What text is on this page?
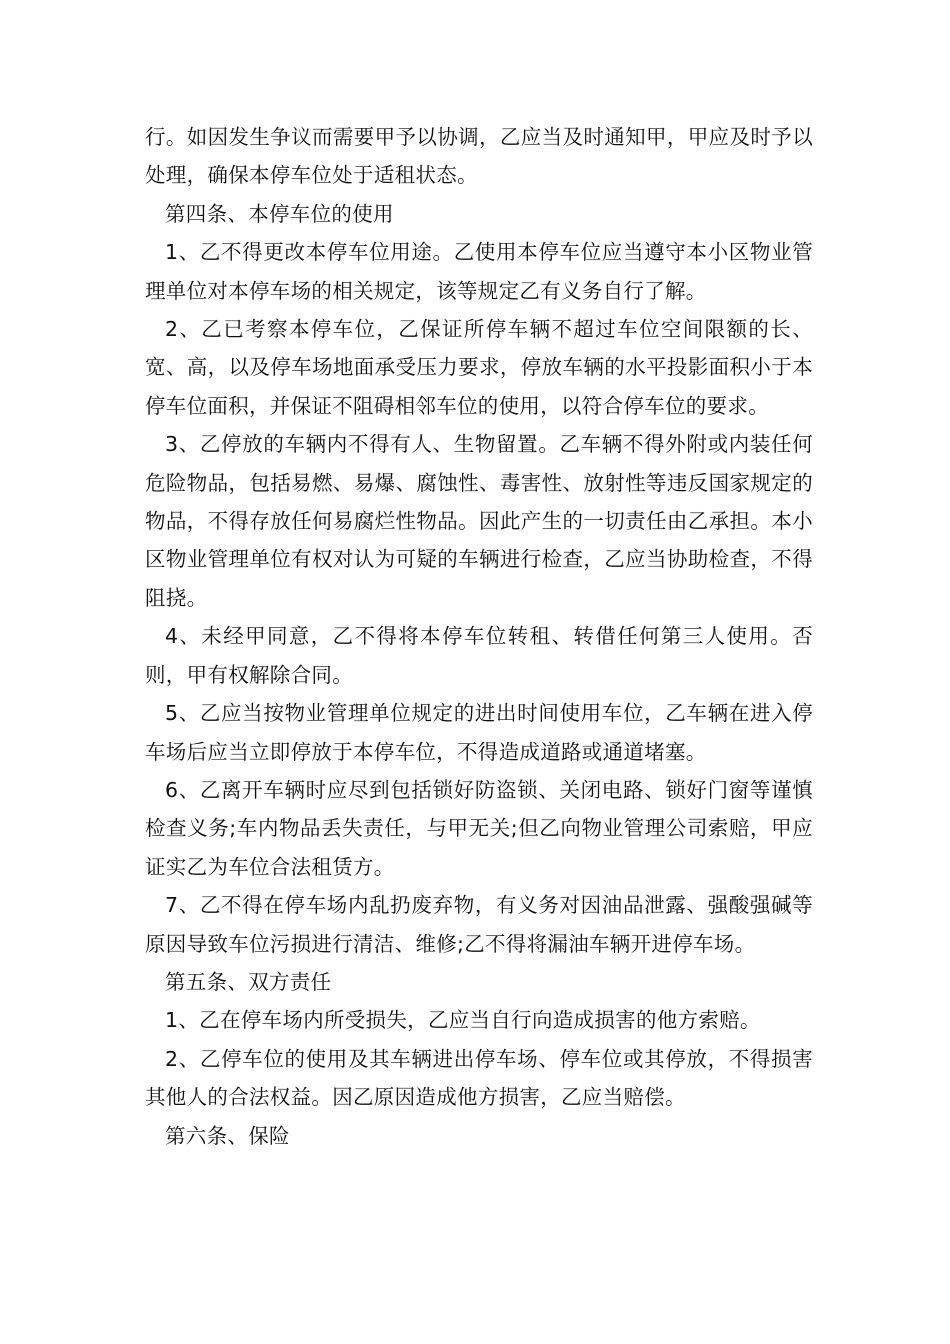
行。如因发生争议而需要甲予以协调，乙应当及时通知甲，甲应及时予以处理，确保本停车位处于适租状态。

第四条、本停车位的使用

1、乙不得更改本停车位用途。乙使用本停车位应当遵守本小区物业管理单位对本停车场的相关规定，该等规定乙有义务自行了解。

2、乙已考察本停车位，乙保证所停车辆不超过车位空间限额的长、宽、高，以及停车场地面承受压力要求，停放车辆的水平投影面积小于本停车位面积，并保证不阻碍相邻车位的使用，以符合停车位的要求。

3、乙停放的车辆内不得有人、生物留置。乙车辆不得外附或内装任何危险物品，包括易燃、易爆、腐蚀性、毒害性、放射性等违反国家规定的物品，不得存放任何易腐烂性物品。因此产生的一切责任由乙承担。本小区物业管理单位有权对认为可疑的车辆进行检查，乙应当协助检查，不得阻挠。

4、未经甲同意，乙不得将本停车位转租、转借任何第三人使用。否则，甲有权解除合同。

5、乙应当按物业管理单位规定的进出时间使用车位，乙车辆在进入停车场后应当立即停放于本停车位，不得造成道路或通道堵塞。

6、乙离开车辆时应尽到包括锁好防盗锁、关闭电路、锁好门窗等谨慎检查义务;车内物品丢失责任，与甲无关;但乙向物业管理公司索赔，甲应证实乙为车位合法租赁方。

7、乙不得在停车场内乱扔废弃物，有义务对因油品泄露、强酸强碱等原因导致车位污损进行清洁、维修;乙不得将漏油车辆开进停车场。

第五条、双方责任

1、乙在停车场内所受损失，乙应当自行向造成损害的他方索赔。

2、乙停车位的使用及其车辆进出停车场、停车位或其停放，不得损害其他人的合法权益。因乙原因造成他方损害，乙应当赔偿。

第六条、保险
